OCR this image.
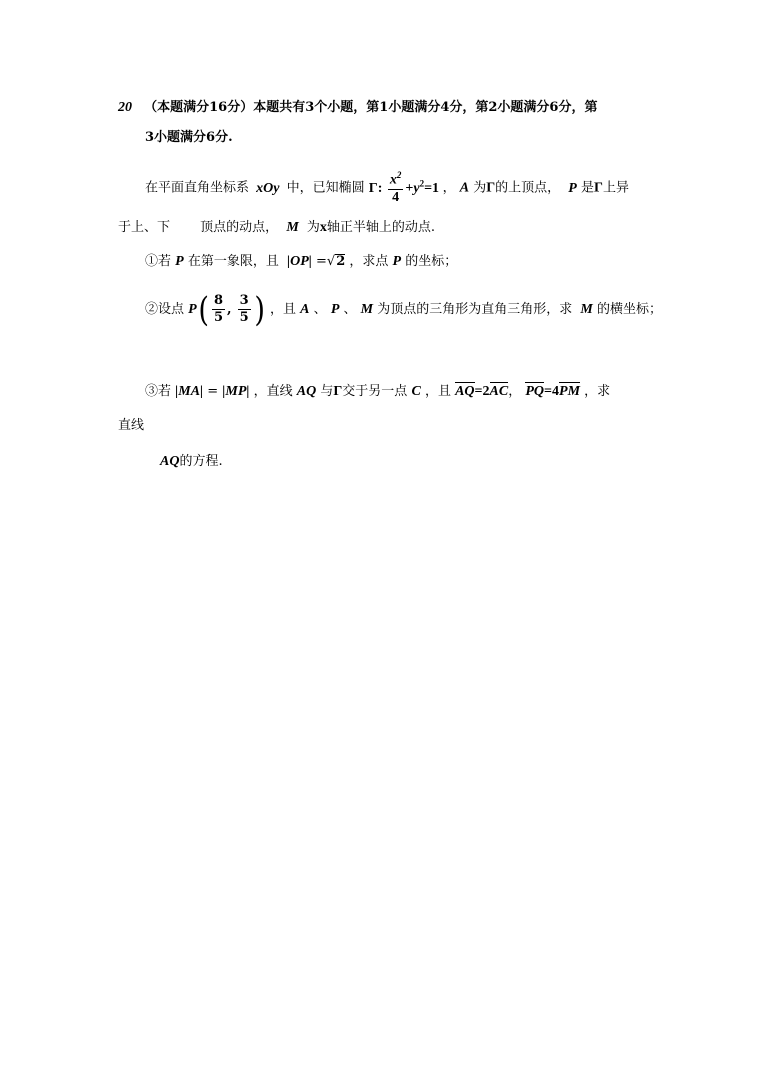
20 （本题满分16分）本题共有3个小题，第1小题满分4分，第2小题满分6分，第
3小题满分6分.
在平面直角坐标系 xOy 中，已知椭圆 Γ: $\frac{x^2}{4} +y^2=1$ ， A 为Γ的上顶点， P 是Γ上异
于上、下 顶点的动点， M 为x轴正半轴上的动点.
①若 P 在第一象限，且 |OP| =√2 ，求点 P 的坐标；
②设点 $P( \frac{8}{5}$ , $\frac{3}{5}$ ) ，且 A 、 P 、 M 为顶点的三角形为直角三角形，求 M 的横坐标；
③若 |MA| = |MP| ，直线 AQ 与Γ交于另一点 C ，且 AQ=2AC， PQ=4PM ，求
直线
AQ的方程.
